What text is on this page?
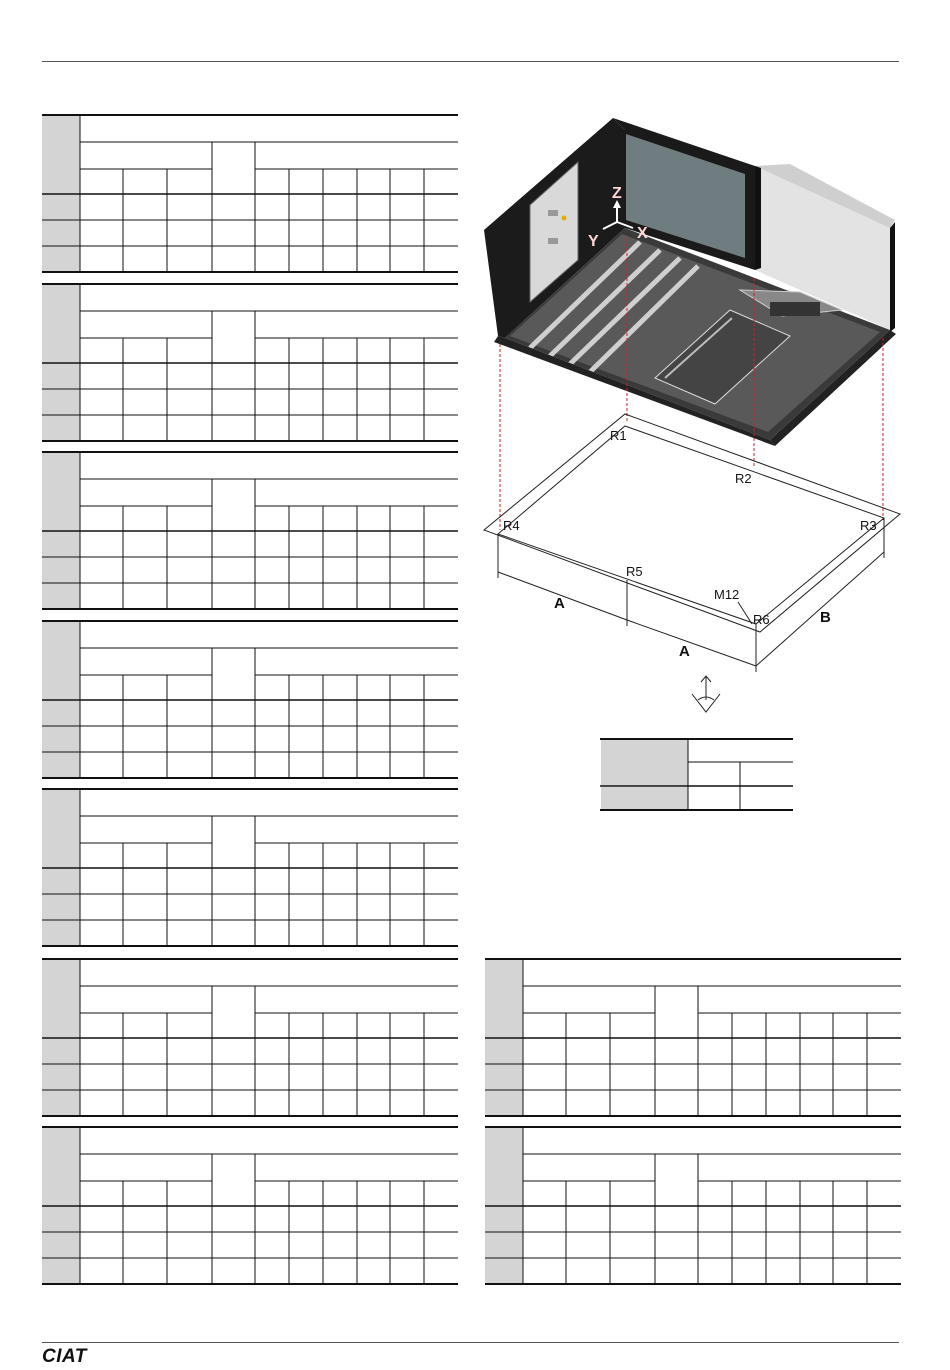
Z
Y X
R1
R2
R3
R4
R5
M12
R6
A
A
B
CIAT
